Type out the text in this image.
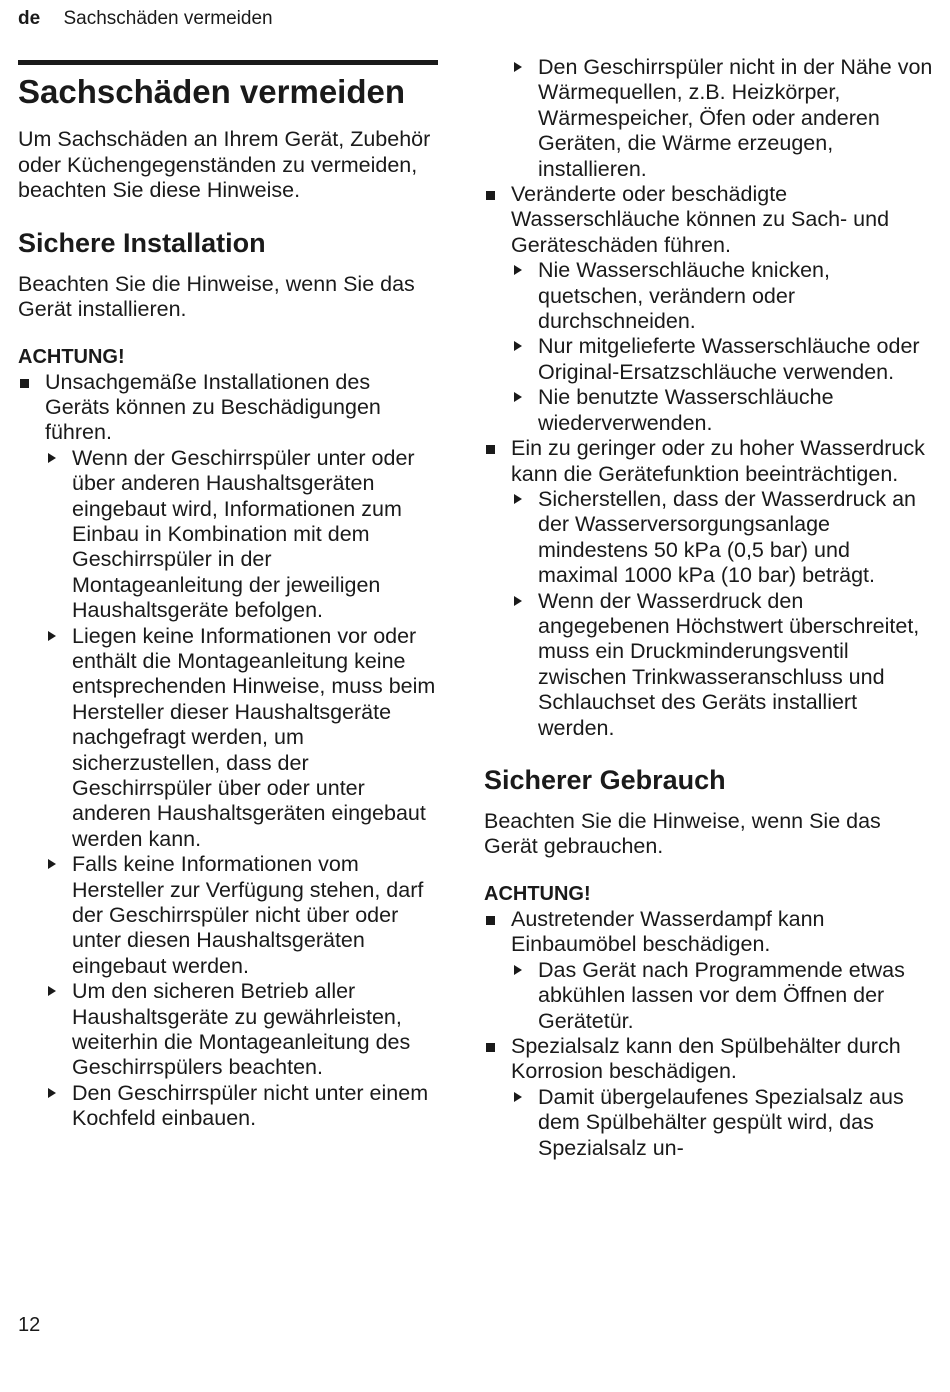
de Sachschäden vermeiden
Sachschäden vermeiden

Um Sachschäden an Ihrem Gerät, Zubehör oder Küchengegenständen zu vermeiden, beachten Sie diese Hinweise.

Sichere Installation

Beachten Sie die Hinweise, wenn Sie das Gerät installieren.

ACHTUNG!
Unsachgemäße Installationen des Geräts können zu Beschädigungen führen.
Wenn der Geschirrspüler unter oder über anderen Haushaltsgeräten eingebaut wird, Informationen zum Einbau in Kombination mit dem Geschirrspüler in der Montageanleitung der jeweiligen Haushaltsgeräte befolgen.
Liegen keine Informationen vor oder enthält die Montageanleitung keine entsprechenden Hinweise, muss beim Hersteller dieser Haushaltsgeräte nachgefragt werden, um sicherzustellen, dass der Geschirrspüler über oder unter anderen Haushaltsgeräten eingebaut werden kann.
Falls keine Informationen vom Hersteller zur Verfügung stehen, darf der Geschirrspüler nicht über oder unter diesen Haushaltsgeräten eingebaut werden.
Um den sicheren Betrieb aller Haushaltsgeräte zu gewährleisten, weiterhin die Montageanleitung des Geschirrspülers beachten.
Den Geschirrspüler nicht unter einem Kochfeld einbauen.
Den Geschirrspüler nicht in der Nähe von Wärmequellen, z.B. Heizkörper, Wärmespeicher, Öfen oder anderen Geräten, die Wärme erzeugen, installieren.
Veränderte oder beschädigte Wasserschläuche können zu Sach- und Geräteschäden führen.
Nie Wasserschläuche knicken, quetschen, verändern oder durchschneiden.
Nur mitgelieferte Wasserschläuche oder Original-Ersatzschläuche verwenden.
Nie benutzte Wasserschläuche wiederverwenden.
Ein zu geringer oder zu hoher Wasserdruck kann die Gerätefunktion beeinträchtigen.
Sicherstellen, dass der Wasserdruck an der Wasserversorgungsanlage mindestens 50 kPa (0,5 bar) und maximal 1000 kPa (10 bar) beträgt.
Wenn der Wasserdruck den angegebenen Höchstwert überschreitet, muss ein Druckminderungsventil zwischen Trinkwasseranschluss und Schlauchset des Geräts installiert werden.
Sicherer Gebrauch

Beachten Sie die Hinweise, wenn Sie das Gerät gebrauchen.

ACHTUNG!
Austretender Wasserdampf kann Einbaumöbel beschädigen.
Das Gerät nach Programmende etwas abkühlen lassen vor dem Öffnen der Gerätetür.
Spezialsalz kann den Spülbehälter durch Korrosion beschädigen.
Damit übergelaufenes Spezialsalz aus dem Spülbehälter gespült wird, das Spezialsalz un-
12
